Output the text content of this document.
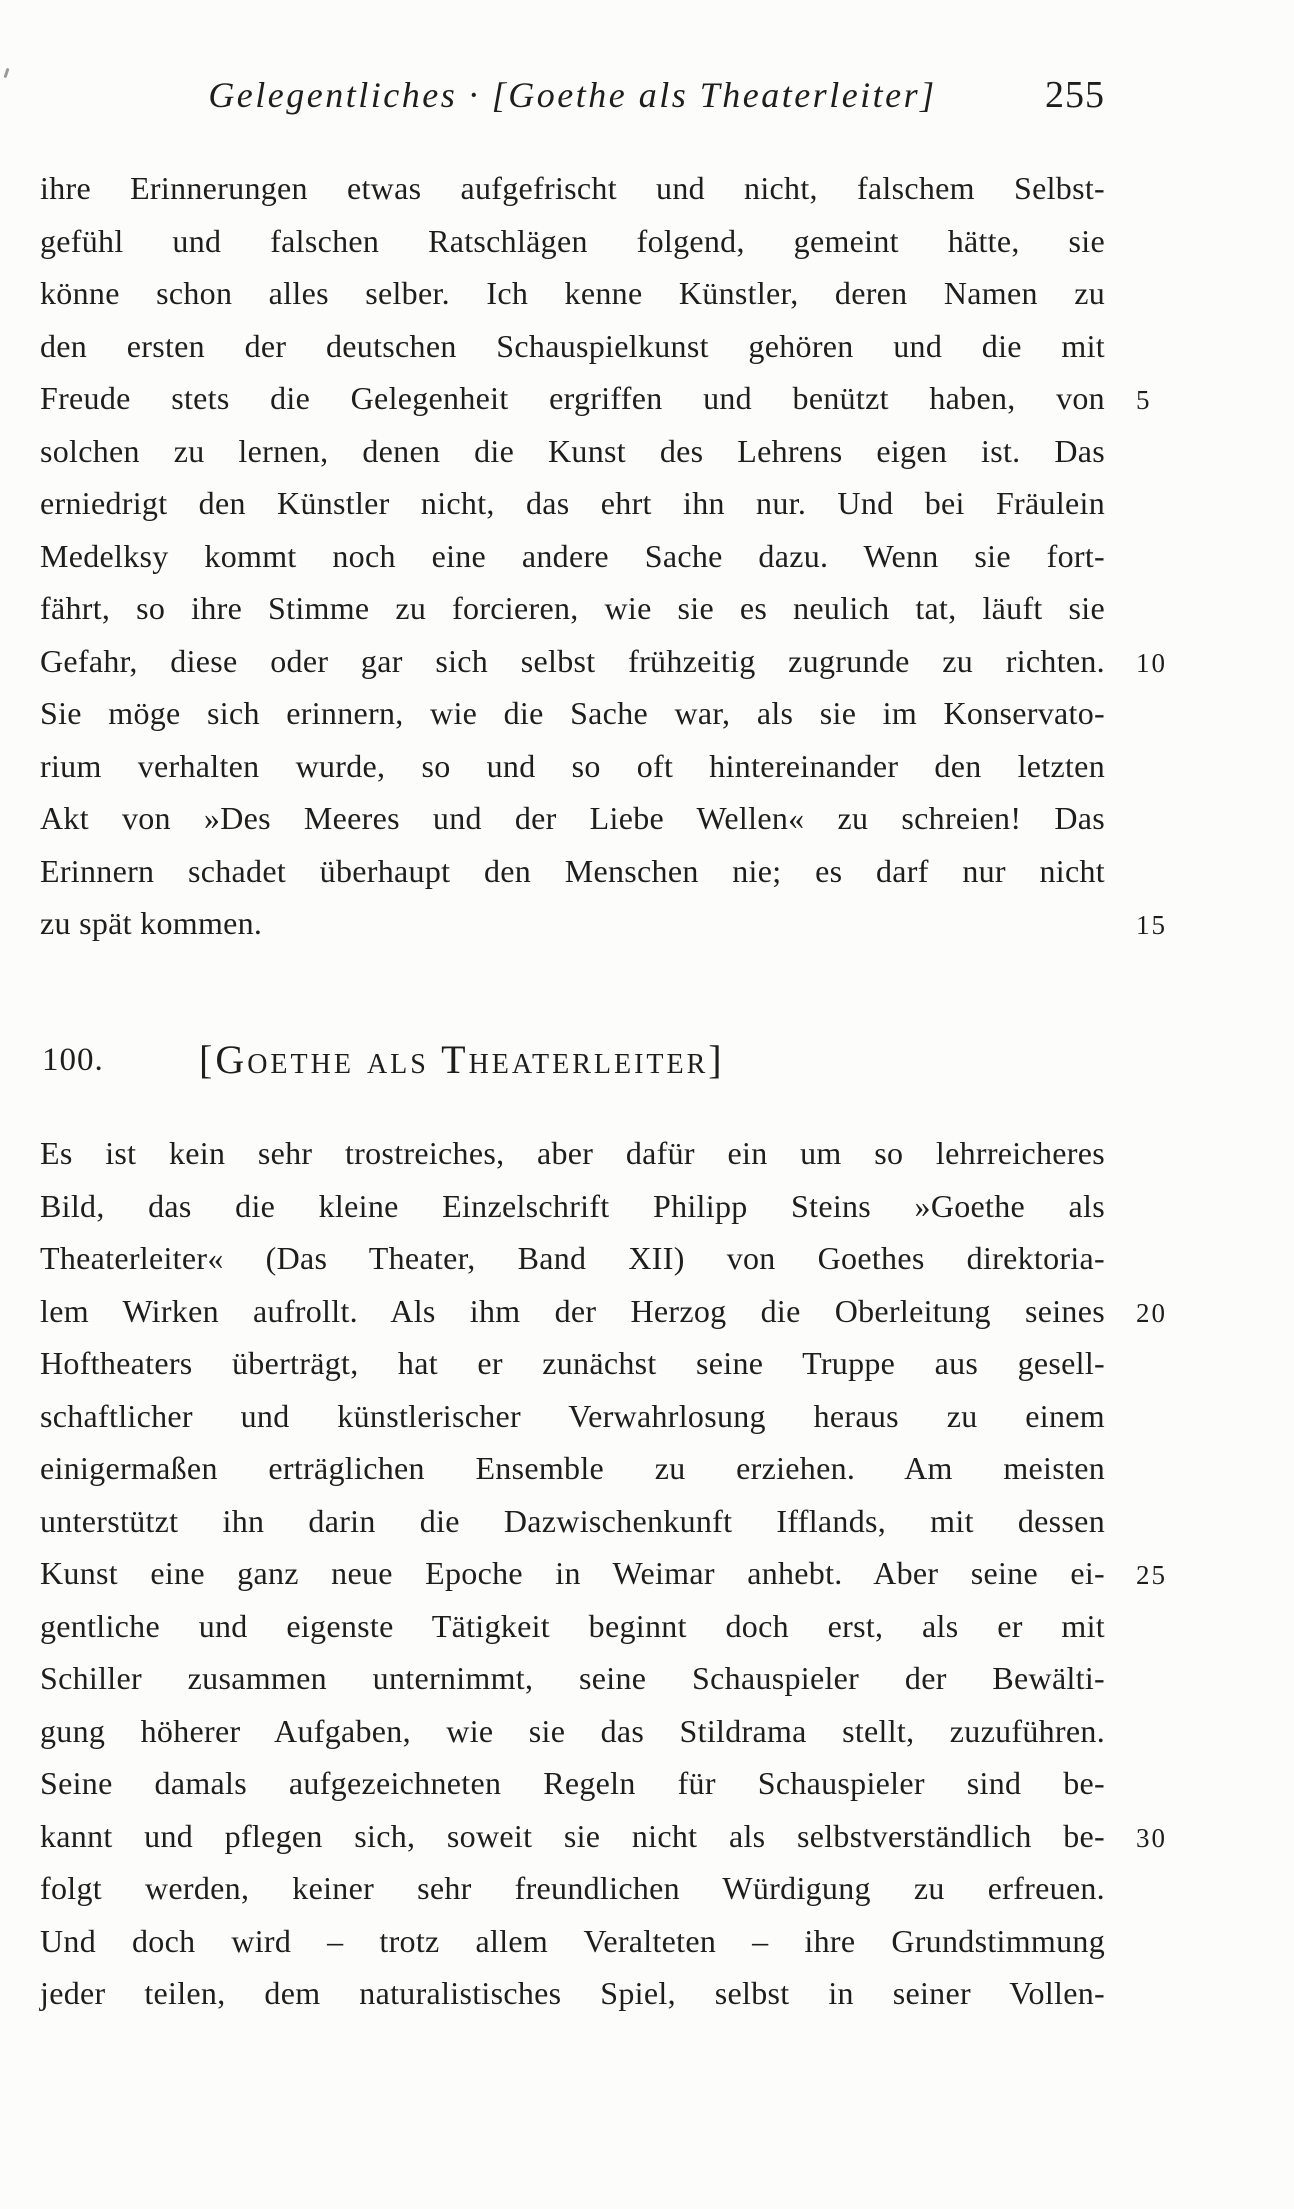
Gelegentliches · [Goethe als Theaterleiter]	255
ihre Erinnerungen etwas aufgefrischt und nicht, falschem Selbst-
gefühl und falschen Ratschlägen folgend, gemeint hätte, sie
könne schon alles selber. Ich kenne Künstler, deren Namen zu
den ersten der deutschen Schauspielkunst gehören und die mit
Freude stets die Gelegenheit ergriffen und benützt haben, von
solchen zu lernen, denen die Kunst des Lehrens eigen ist. Das
erniedrigt den Künstler nicht, das ehrt ihn nur. Und bei Fräulein
Medelksy kommt noch eine andere Sache dazu. Wenn sie fort-
fährt, so ihre Stimme zu forcieren, wie sie es neulich tat, läuft sie
Gefahr, diese oder gar sich selbst frühzeitig zugrunde zu richten.
Sie möge sich erinnern, wie die Sache war, als sie im Konservato-
rium verhalten wurde, so und so oft hintereinander den letzten
Akt von »Des Meeres und der Liebe Wellen« zu schreien! Das
Erinnern schadet überhaupt den Menschen nie; es darf nur nicht
zu spät kommen.
100. [Goethe als Theaterleiter]
Es ist kein sehr trostreiches, aber dafür ein um so lehrreicheres
Bild, das die kleine Einzelschrift Philipp Steins »Goethe als
Theaterleiter« (Das Theater, Band XII) von Goethes direktoria-
lem Wirken aufrollt. Als ihm der Herzog die Oberleitung seines
Hoftheaters überträgt, hat er zunächst seine Truppe aus gesell-
schaftlicher und künstlerischer Verwahrlosung heraus zu einem
einigermaßen erträglichen Ensemble zu erziehen. Am meisten
unterstützt ihn darin die Dazwischenkunft Ifflands, mit dessen
Kunst eine ganz neue Epoche in Weimar anhebt. Aber seine ei-
gentliche und eigenste Tätigkeit beginnt doch erst, als er mit
Schiller zusammen unternimmt, seine Schauspieler der Bewälti-
gung höherer Aufgaben, wie sie das Stildrama stellt, zuzuführen.
Seine damals aufgezeichneten Regeln für Schauspieler sind be-
kannt und pflegen sich, soweit sie nicht als selbstverständlich be-
folgt werden, keiner sehr freundlichen Würdigung zu erfreuen.
Und doch wird – trotz allem Veralteten – ihre Grundstimmung
jeder teilen, dem naturalistisches Spiel, selbst in seiner Vollen-
5
10
15
20
25
30
